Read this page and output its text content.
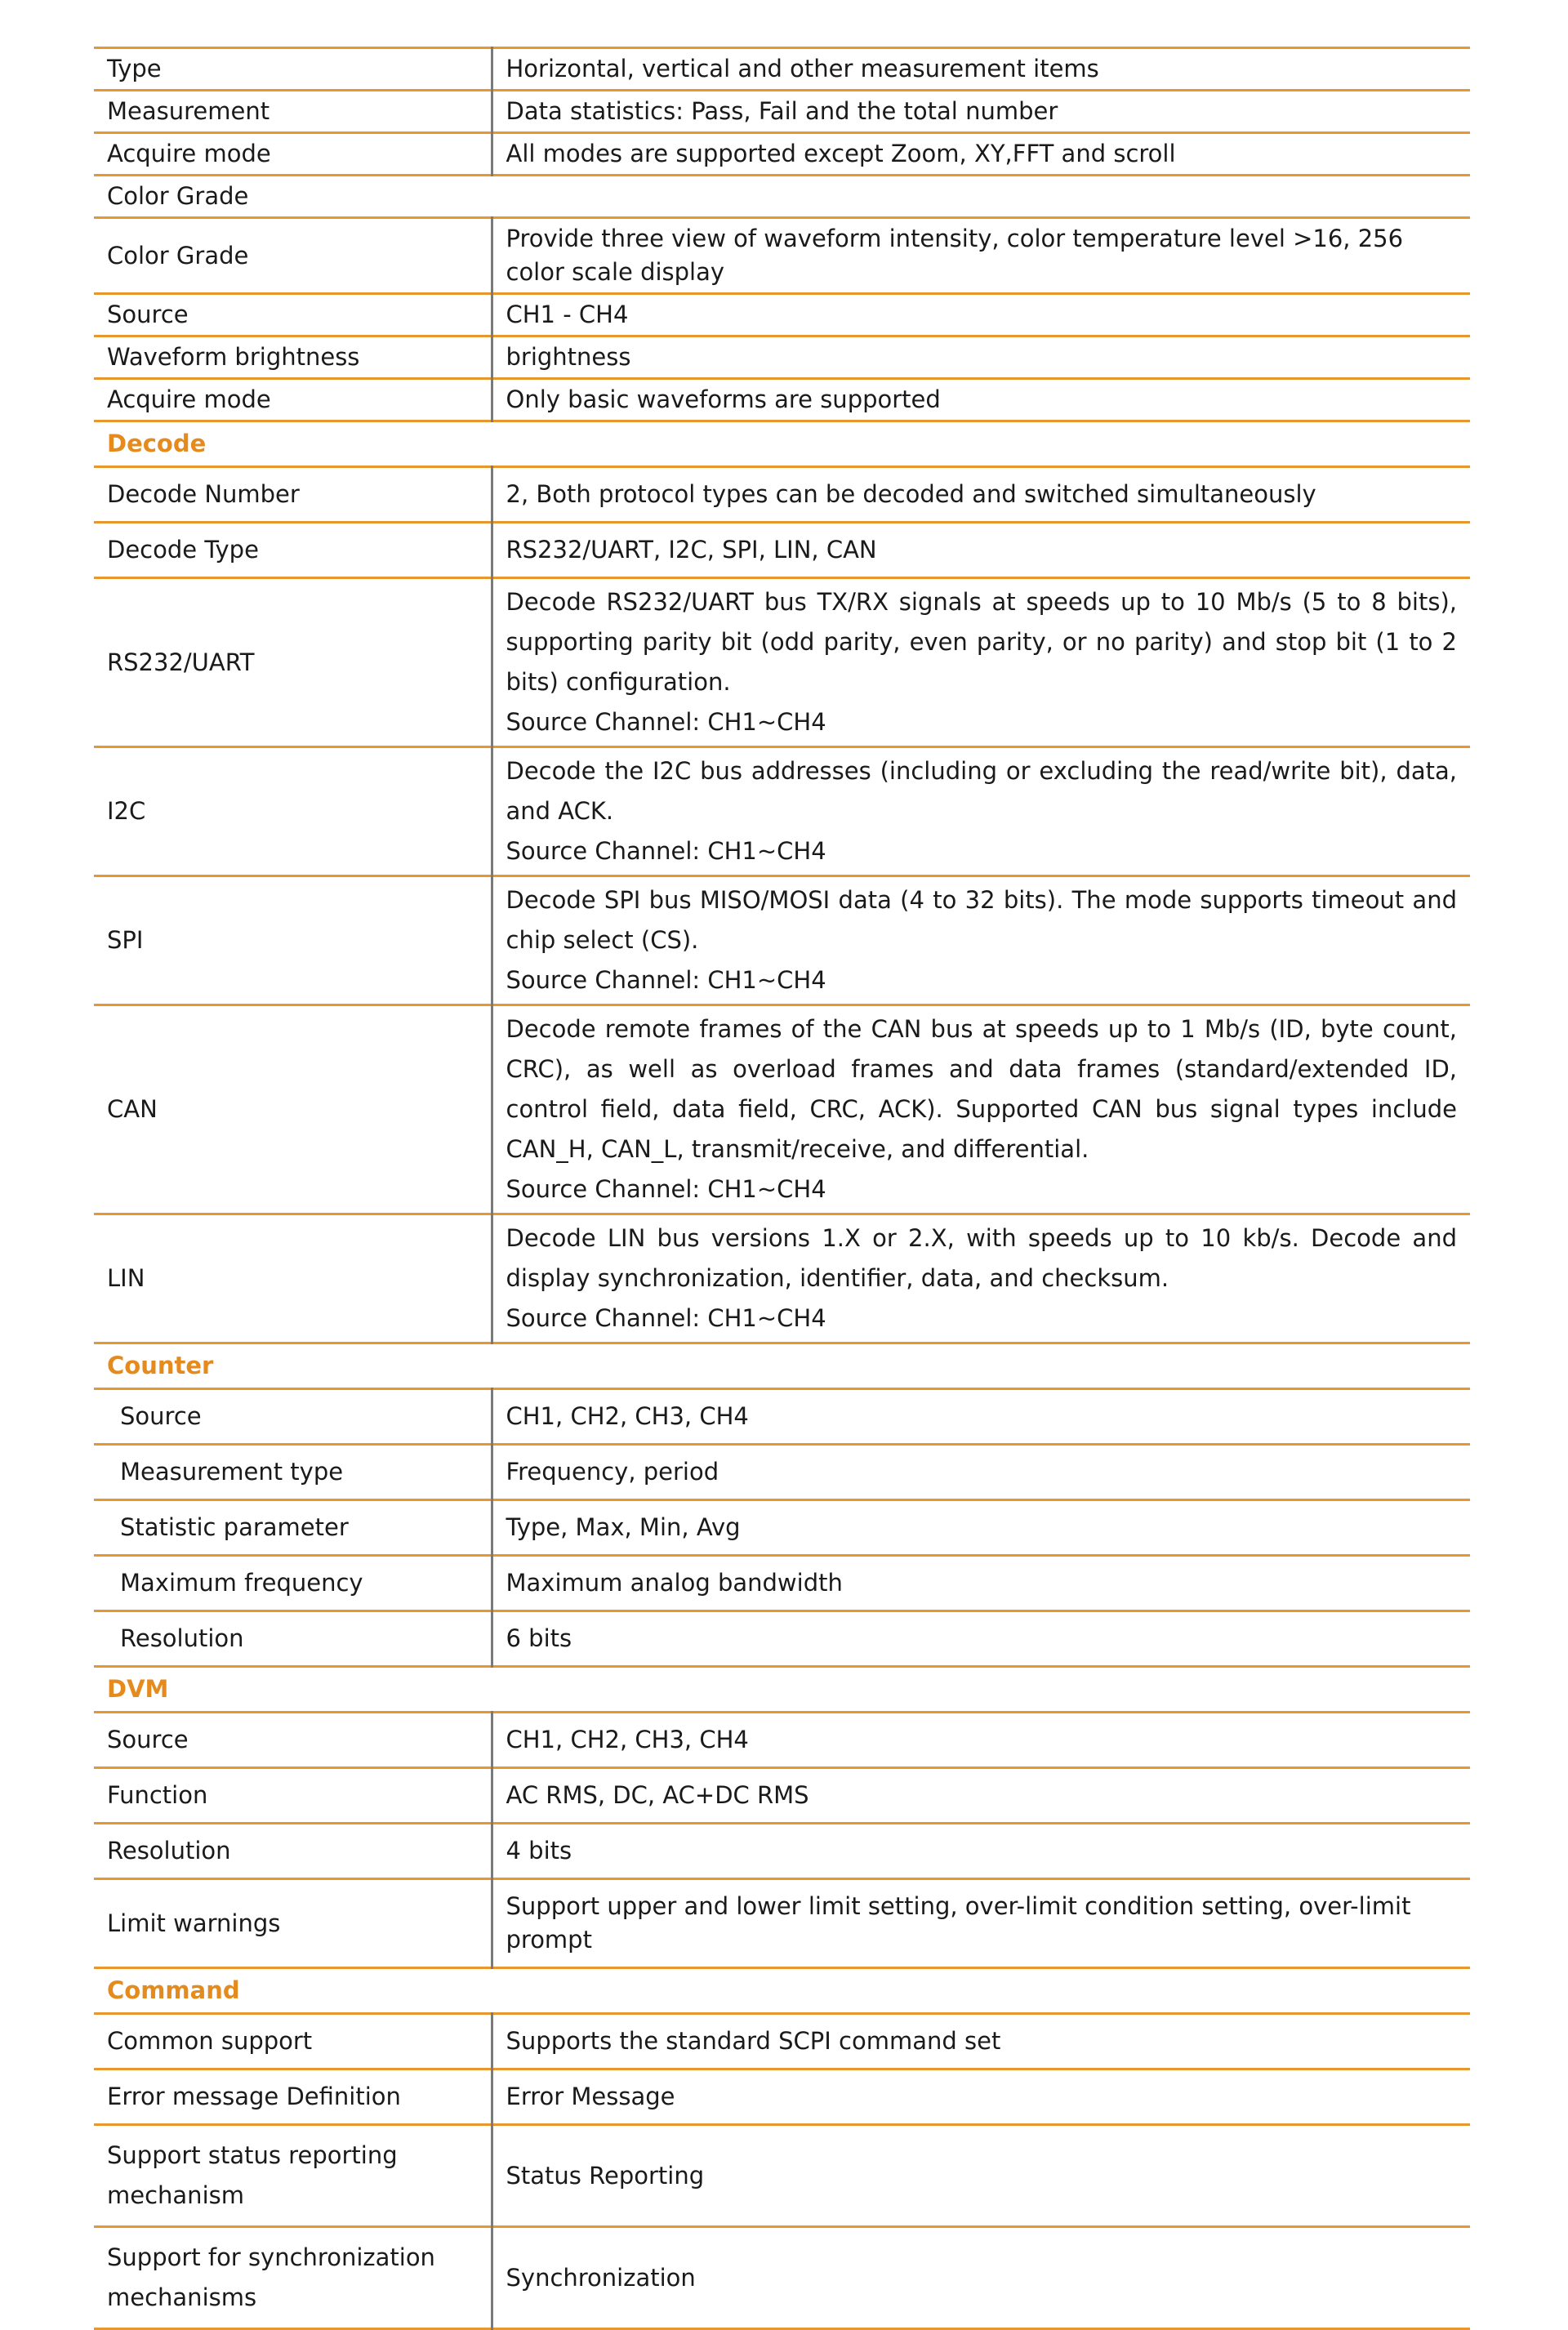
Type	Horizontal, vertical and other measurement items
Measurement	Data statistics: Pass, Fail and the total number
Acquire mode	All modes are supported except Zoom, XY,FFT and scroll
Color Grade	
Color Grade	Provide three view of waveform intensity, color temperature level >16, 256 color scale display
Source	CH1 - CH4
Waveform brightness	brightness
Acquire mode	Only basic waveforms are supported
Decode	
Decode Number	2, Both protocol types can be decoded and switched simultaneously
Decode Type	RS232/UART, I2C, SPI, LIN, CAN
RS232/UART	Decode RS232/UART bus TX/RX signals at speeds up to 10 Mb/s (5 to 8 bits), supporting parity bit (odd parity, even parity, or no parity) and stop bit (1 to 2 bits) configuration.
Source Channel: CH1~CH4

I2C	Decode the I2C bus addresses (including or excluding the read/write bit), data, and ACK.
Source Channel: CH1~CH4

SPI	Decode SPI bus MISO/MOSI data (4 to 32 bits). The mode supports timeout and chip select (CS).
Source Channel: CH1~CH4

CAN	Decode remote frames of the CAN bus at speeds up to 1 Mb/s (ID, byte count, CRC), as well as overload frames and data frames (standard/extended ID, control field, data field, CRC, ACK). Supported CAN bus signal types include CAN_H, CAN_L, transmit/receive, and differential.
Source Channel: CH1~CH4

LIN	Decode LIN bus versions 1.X or 2.X, with speeds up to 10 kb/s. Decode and display synchronization, identifier, data, and checksum.
Source Channel: CH1~CH4

Counter	
Source	CH1, CH2, CH3, CH4
Measurement type	Frequency, period
Statistic parameter	Type, Max, Min, Avg
Maximum frequency	Maximum analog bandwidth
Resolution	6 bits
DVM	
Source	CH1, CH2, CH3, CH4
Function	AC RMS, DC, AC+DC RMS
Resolution	4 bits
Limit warnings	Support upper and lower limit setting, over-limit condition setting, over-limit prompt
Command	
Common support	Supports the standard SCPI command set
Error message Definition	Error Message
Support status reporting mechanism	Status Reporting
Support for synchronization mechanisms	Synchronization
